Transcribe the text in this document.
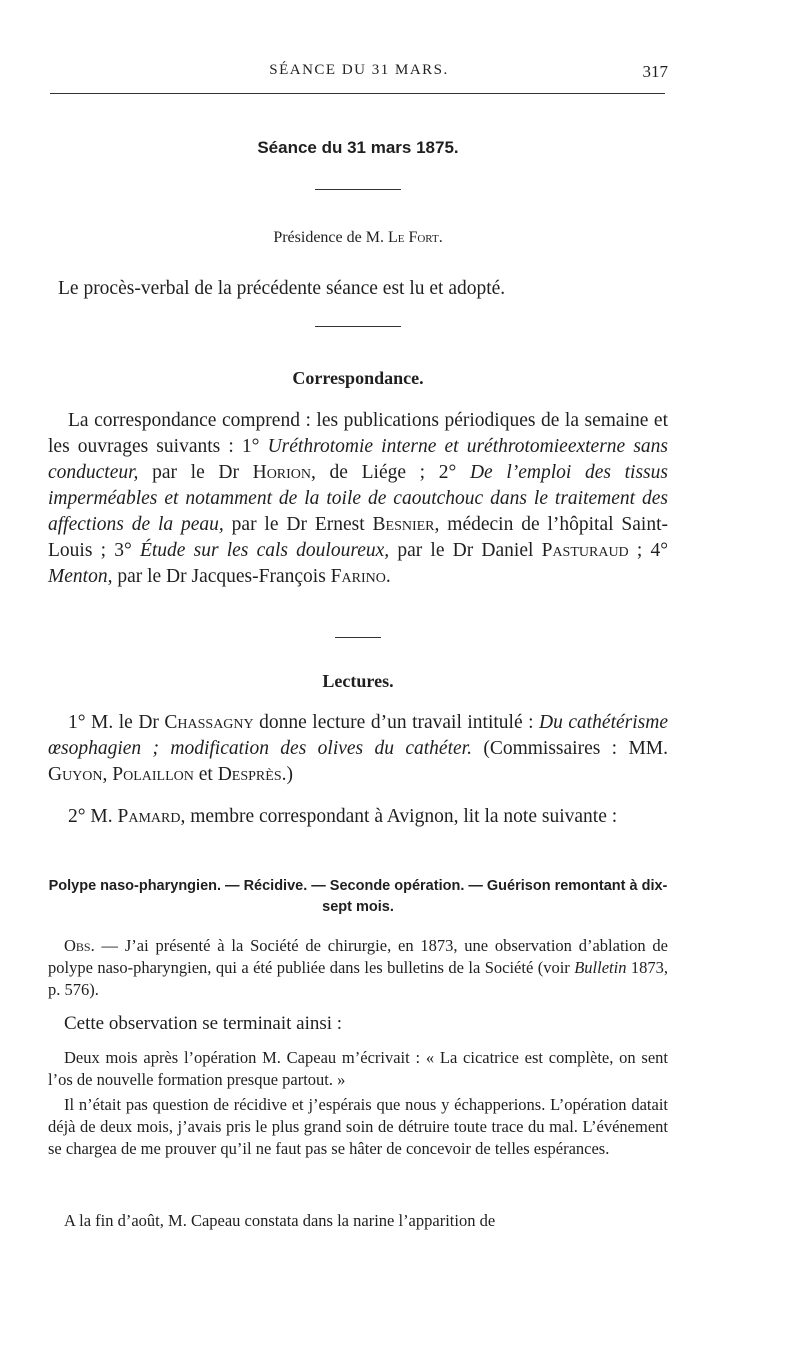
SÉANCE DU 31 MARS.	317
Séance du 31 mars 1875.
Présidence de M. Le Fort.
Le procès-verbal de la précédente séance est lu et adopté.
Correspondance.
La correspondance comprend : les publications périodiques de la semaine et les ouvrages suivants : 1° Uréthrotomie interne et uréthrotomieexterne sans conducteur, par le Dr Horion, de Liége ; 2° De l’emploi des tissus imperméables et notamment de la toile de caoutchouc dans le traitement des affections de la peau, par le Dr Ernest Besnier, médecin de l’hôpital Saint-Louis ; 3° Étude sur les cals douloureux, par le Dr Daniel Pasturaud ; 4° Menton, par le Dr Jacques-François Farino.
Lectures.
1° M. le Dr Chassagny donne lecture d’un travail intitulé : Du cathétérisme œsophagien ; modification des olives du cathéter. (Commissaires : MM. Guyon, Polaillon et Desprès.)
2° M. Pamard, membre correspondant à Avignon, lit la note suivante :
Polype naso-pharyngien. — Récidive. — Seconde opération. — Guérison remontant à dix-sept mois.
Obs. — J’ai présenté à la Société de chirurgie, en 1873, une observation d’ablation de polype naso-pharyngien, qui a été publiée dans les bulletins de la Société (voir Bulletin 1873, p. 576).
Cette observation se terminait ainsi :
Deux mois après l’opération M. Capeau m’écrivait : « La cicatrice est complète, on sent l’os de nouvelle formation presque partout. »
Il n’était pas question de récidive et j’espérais que nous y échapperions. L’opération datait déjà de deux mois, j’avais pris le plus grand soin de détruire toute trace du mal. L’événement se chargea de me prouver qu’il ne faut pas se hâter de concevoir de telles espérances.
A la fin d’août, M. Capeau constata dans la narine l’apparition de
